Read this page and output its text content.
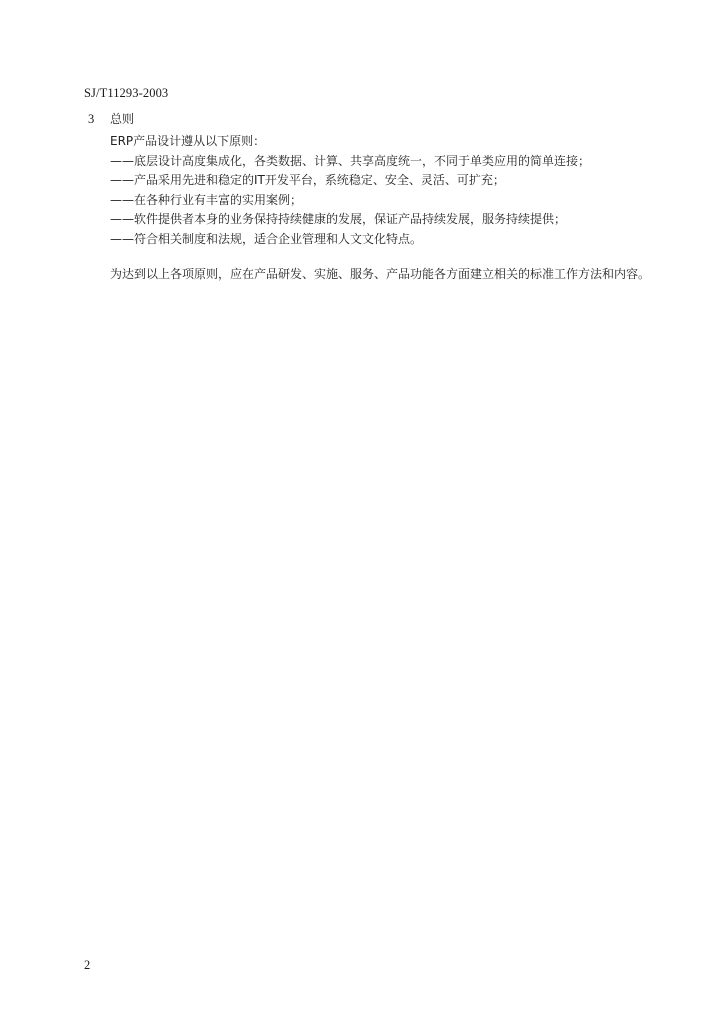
SJ/T11293-2003
3 总则
ERP产品设计遵从以下原则：
——底层设计高度集成化，各类数据、计算、共享高度统一，不同于单类应用的简单连接；
——产品采用先进和稳定的IT开发平台，系统稳定、安全、灵活、可扩充；
——在各种行业有丰富的实用案例；
——软件提供者本身的业务保持持续健康的发展，保证产品持续发展，服务持续提供；
——符合相关制度和法规，适合企业管理和人文文化特点。
为达到以上各项原则，应在产品研发、实施、服务、产品功能各方面建立相关的标准工作方法和内容。
2
